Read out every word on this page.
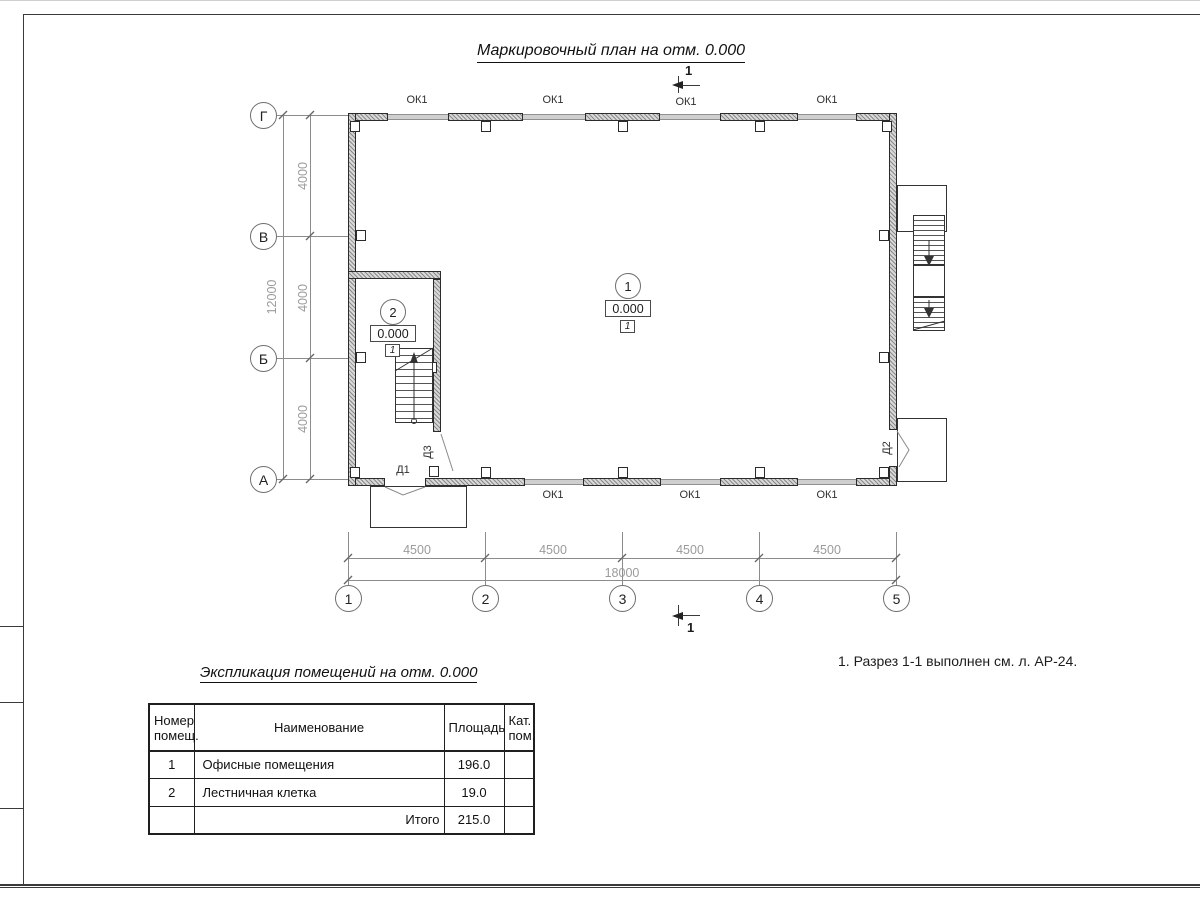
Маркировочный план на отм. 0.000
Г
В
Б
А
4000
4000
4000
12000
4500	4500	4500	4500
18000
1	2	3	4	5
1
1
ОК1	ОК1	ОК1	ОК1
ОК1	ОК1	ОК1
Д1
Д3	Д2
1
0.000
1
2
0.000
1
1. Разрез 1-1 выполнен см. л. АР-24.
Экспликация помещений на отм. 0.000
Номер помещ.	Наименование	Площадь	Кат. пом.
1	Офисные помещения	196.0	
2	Лестничная клетка	19.0	
	Итого	215.0	
